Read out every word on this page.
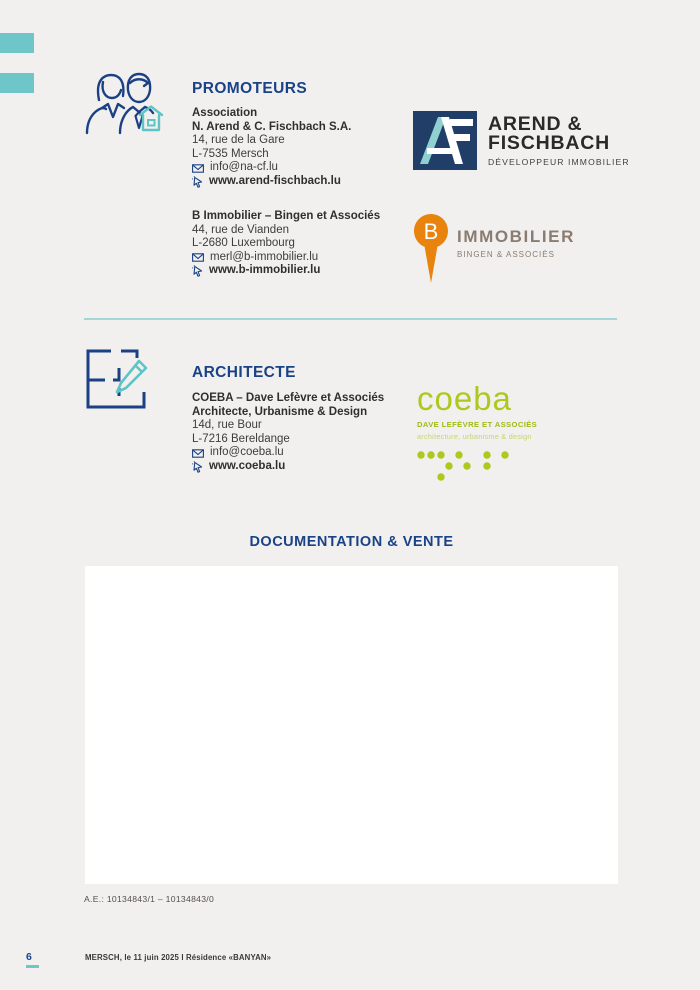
PROMOTEURS
Association
N. Arend & C. Fischbach S.A.
14, rue de la Gare
L-7535 Mersch
info@na-cf.lu
www.arend-fischbach.lu
AREND &
FISCHBACH
DÉVELOPPEUR IMMOBILIER
B Immobilier – Bingen et Associés
44, rue de Vianden
L-2680 Luxembourg
merl@b-immobilier.lu
www.b-immobilier.lu
B IMMOBILIER
BINGEN & ASSOCIÉS
ARCHITECTE
COEBA – Dave Lefèvre et Associés
Architecte, Urbanisme & Design
14d, rue Bour
L-7216 Bereldange
info@coeba.lu
www.coeba.lu
coeba
DAVE LEFÈVRE ET ASSOCIÉS
architecture, urbanisme & design
DOCUMENTATION & VENTE
A.E.: 10134843/1 – 10134843/0
6	MERSCH, le 11 juin 2025 I Résidence «BANYAN»
